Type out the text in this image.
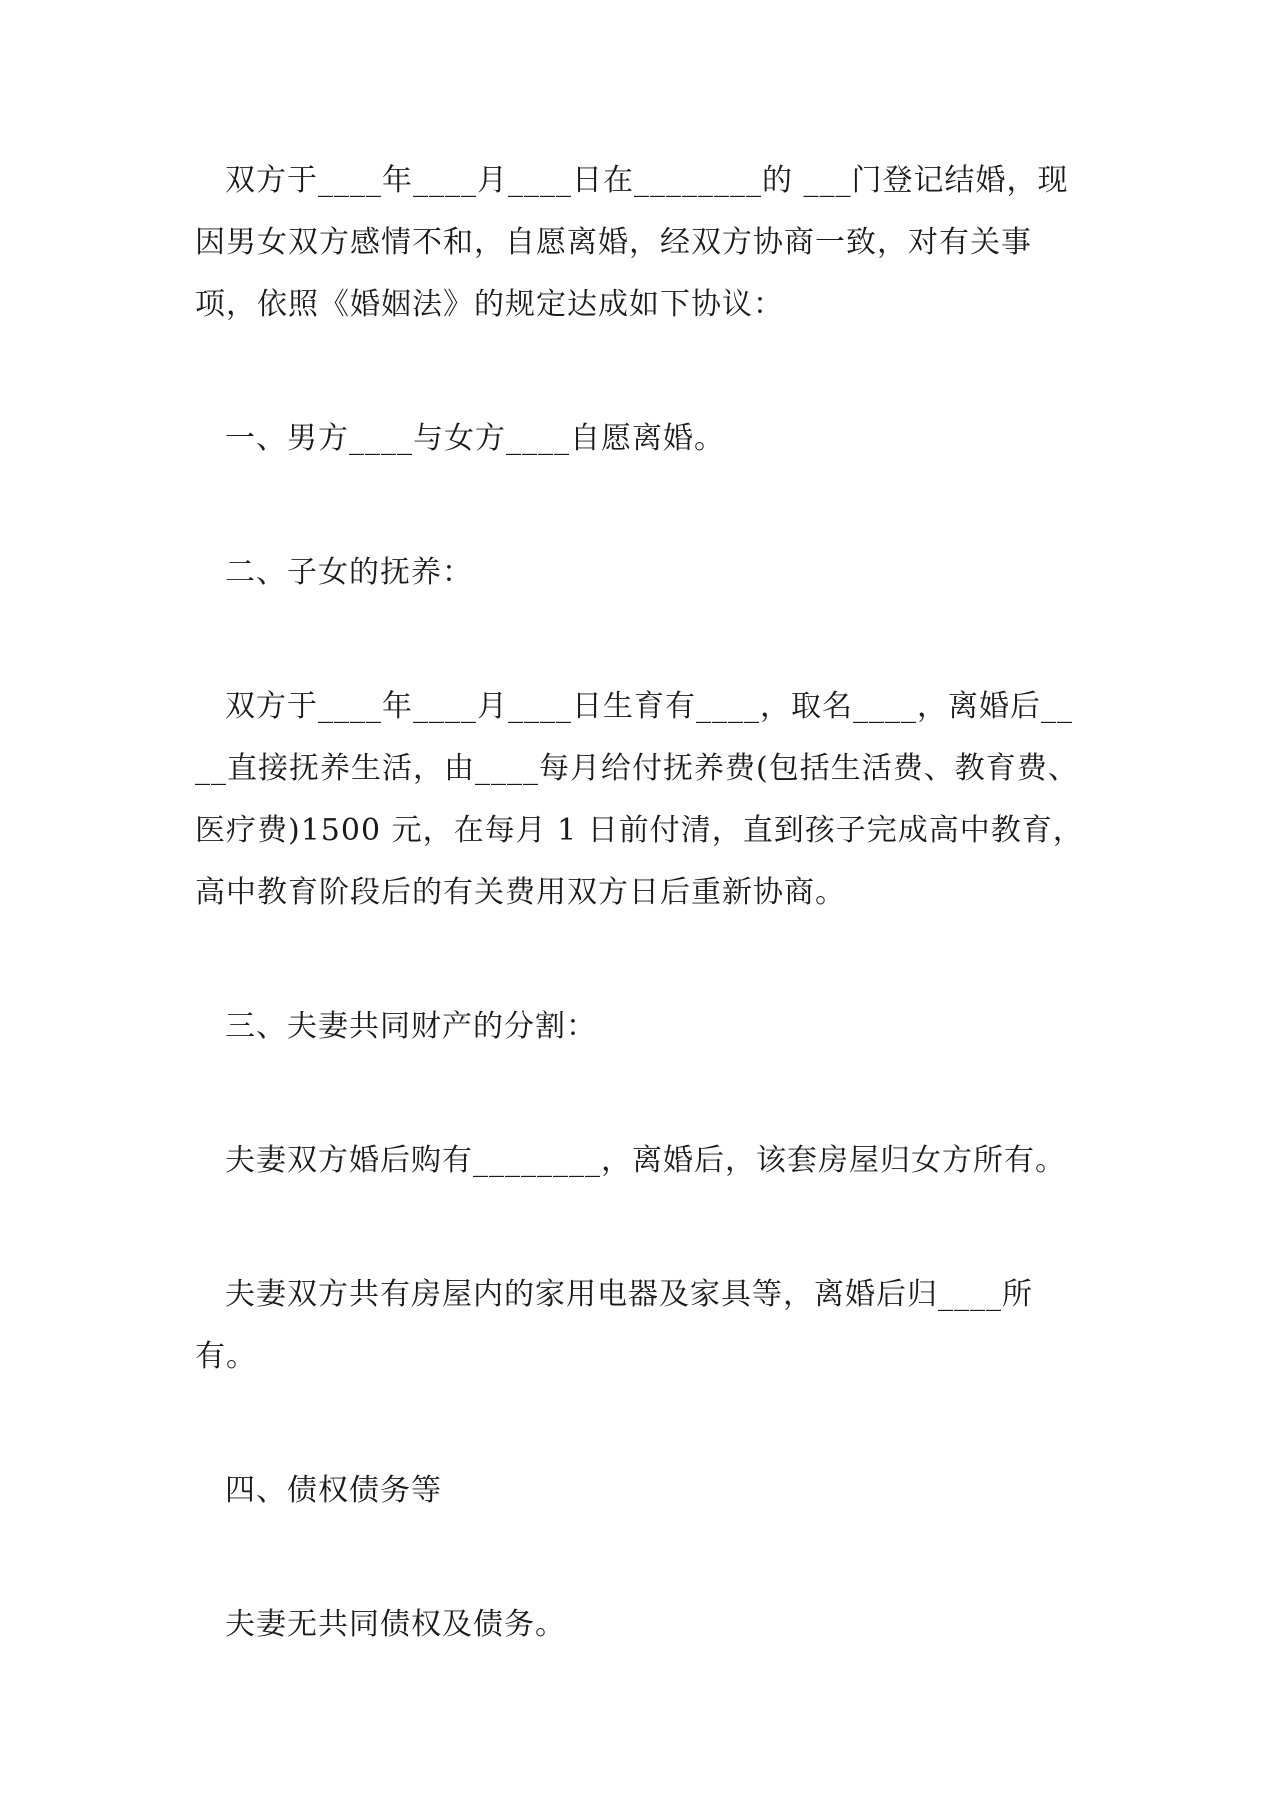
双方于____年____月____日在________的 ___门登记结婚，现因男女双方感情不和，自愿离婚，经双方协商一致，对有关事项，依照《婚姻法》的规定达成如下协议：

一、男方____与女方____自愿离婚。

二、子女的抚养：

双方于____年____月____日生育有____，取名____，离婚后____直接抚养生活，由____每月给付抚养费(包括生活费、教育费、医疗费)1500 元，在每月 1 日前付清，直到孩子完成高中教育，高中教育阶段后的有关费用双方日后重新协商。

三、夫妻共同财产的分割：

夫妻双方婚后购有________，离婚后，该套房屋归女方所有。

夫妻双方共有房屋内的家用电器及家具等，离婚后归____所有。

四、债权债务等

夫妻无共同债权及债务。
